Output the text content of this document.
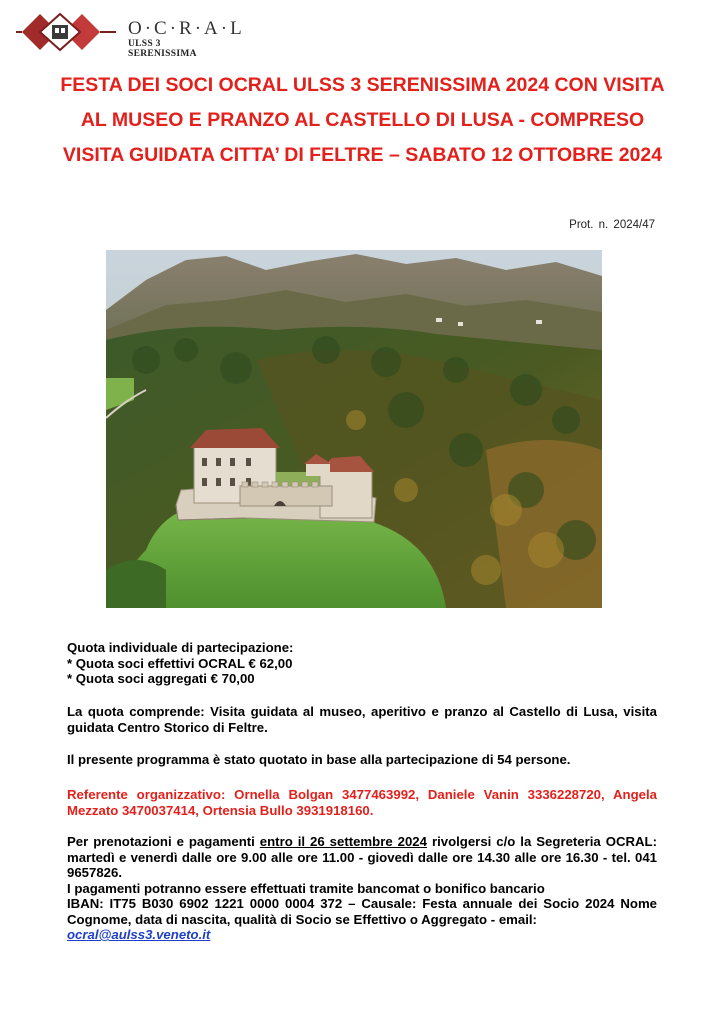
O·C·R·A·L
ULSS 3 SERENISSIMA
FESTA DEI SOCI OCRAL ULSS 3 SERENISSIMA 2024 CON VISITA AL MUSEO E PRANZO AL CASTELLO DI LUSA - COMPRESO VISITA GUIDATA CITTA’ DI FELTRE – SABATO 12 OTTOBRE 2024
Prot. n. 2024/47
Quota individuale di partecipazione:
* Quota soci effettivi OCRAL € 62,00
* Quota soci aggregati € 70,00
La quota comprende: Visita guidata al museo, aperitivo e pranzo al Castello di Lusa, visita guidata Centro Storico di Feltre.
Il presente programma è stato quotato in base alla partecipazione di 54 persone.
Referente organizzativo: Ornella Bolgan 3477463992, Daniele Vanin 3336228720, Angela Mezzato 3470037414, Ortensia Bullo 3931918160.
Per prenotazioni e pagamenti entro il 26 settembre 2024 rivolgersi c/o la Segreteria OCRAL: martedì e venerdì dalle ore 9.00 alle ore 11.00 - giovedì dalle ore 14.30 alle ore 16.30 - tel. 041 9657826.
I pagamenti potranno essere effettuati tramite bancomat o bonifico bancario
IBAN: IT75 B030 6902 1221 0000 0004 372 – Causale: Festa annuale dei Socio 2024 Nome Cognome, data di nascita, qualità di Socio se Effettivo o Aggregato - email:
ocral@aulss3.veneto.it
